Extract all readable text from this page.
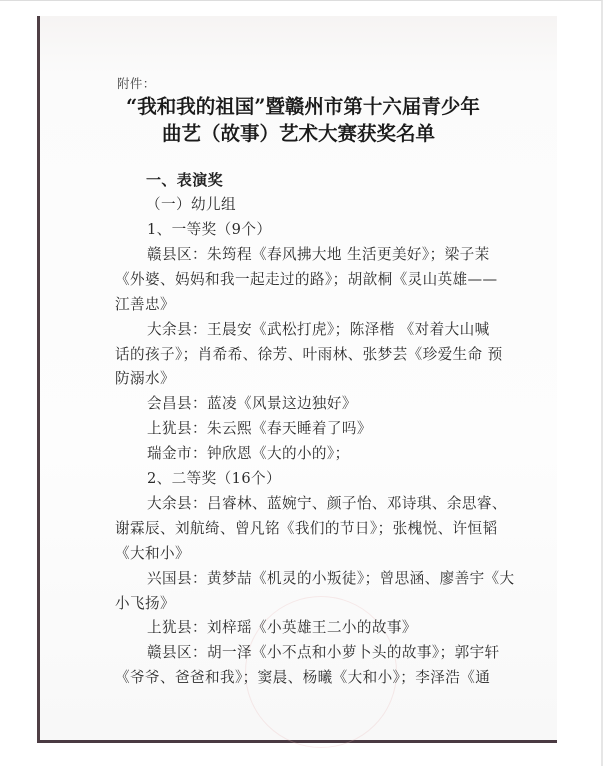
附件：
“我和我的祖国”暨赣州市第十六届青少年
曲艺（故事）艺术大赛获奖名单
一、表演奖
（一）幼儿组
1、一等奖（9个）
赣县区：朱筠程《春风拂大地 生活更美好》；梁子茉
《外婆、妈妈和我一起走过的路》；胡歆桐《灵山英雄——
江善忠》
大余县：王晨安《武松打虎》；陈泽楷 《对着大山喊
话的孩子》；肖希希、徐芳、叶雨林、张梦芸《珍爱生命 预
防溺水》
会昌县：蓝凌《风景这边独好》
上犹县：朱云熙《春天睡着了吗》
瑞金市：钟欣恩《大的小的》；
2、二等奖（16个）
大余县：吕睿林、蓝婉宁、颜子怡、邓诗琪、余思睿、
谢霖辰、刘航绮、曾凡铭《我们的节日》；张槐悦、许恒韬
《大和小》
兴国县：黄梦喆《机灵的小叛徒》；曾思涵、廖善宇《大
小飞扬》
上犹县：刘梓瑶《小英雄王二小的故事》
赣县区：胡一泽《小不点和小萝卜头的故事》；郭宇轩
《爷爷、爸爸和我》；窦晨、杨曦《大和小》；李泽浩《通
